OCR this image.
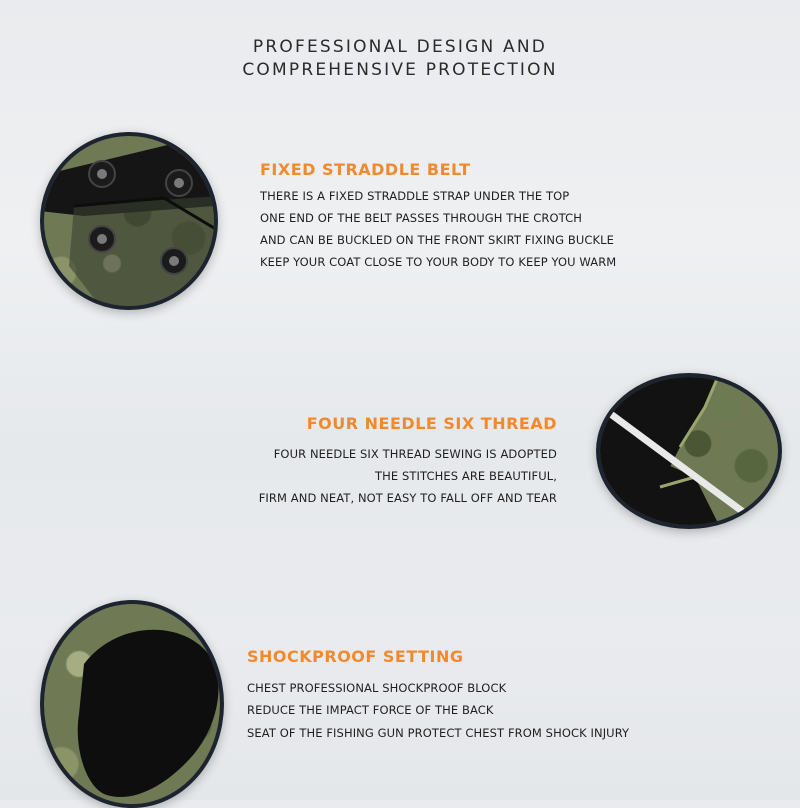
PROFESSIONAL DESIGN AND
COMPREHENSIVE PROTECTION
FIXED STRADDLE BELT
THERE IS A FIXED STRADDLE STRAP UNDER THE TOP
ONE END OF THE BELT PASSES THROUGH THE CROTCH
AND CAN BE BUCKLED ON THE FRONT SKIRT FIXING BUCKLE
KEEP YOUR COAT CLOSE TO YOUR BODY TO KEEP YOU WARM
FOUR NEEDLE SIX THREAD
FOUR NEEDLE SIX THREAD SEWING IS ADOPTED
THE STITCHES ARE BEAUTIFUL,
FIRM AND NEAT, NOT EASY TO FALL OFF AND TEAR
SHOCKPROOF SETTING
CHEST PROFESSIONAL SHOCKPROOF BLOCK
REDUCE THE IMPACT FORCE OF THE BACK
SEAT OF THE FISHING GUN PROTECT CHEST FROM SHOCK INJURY
